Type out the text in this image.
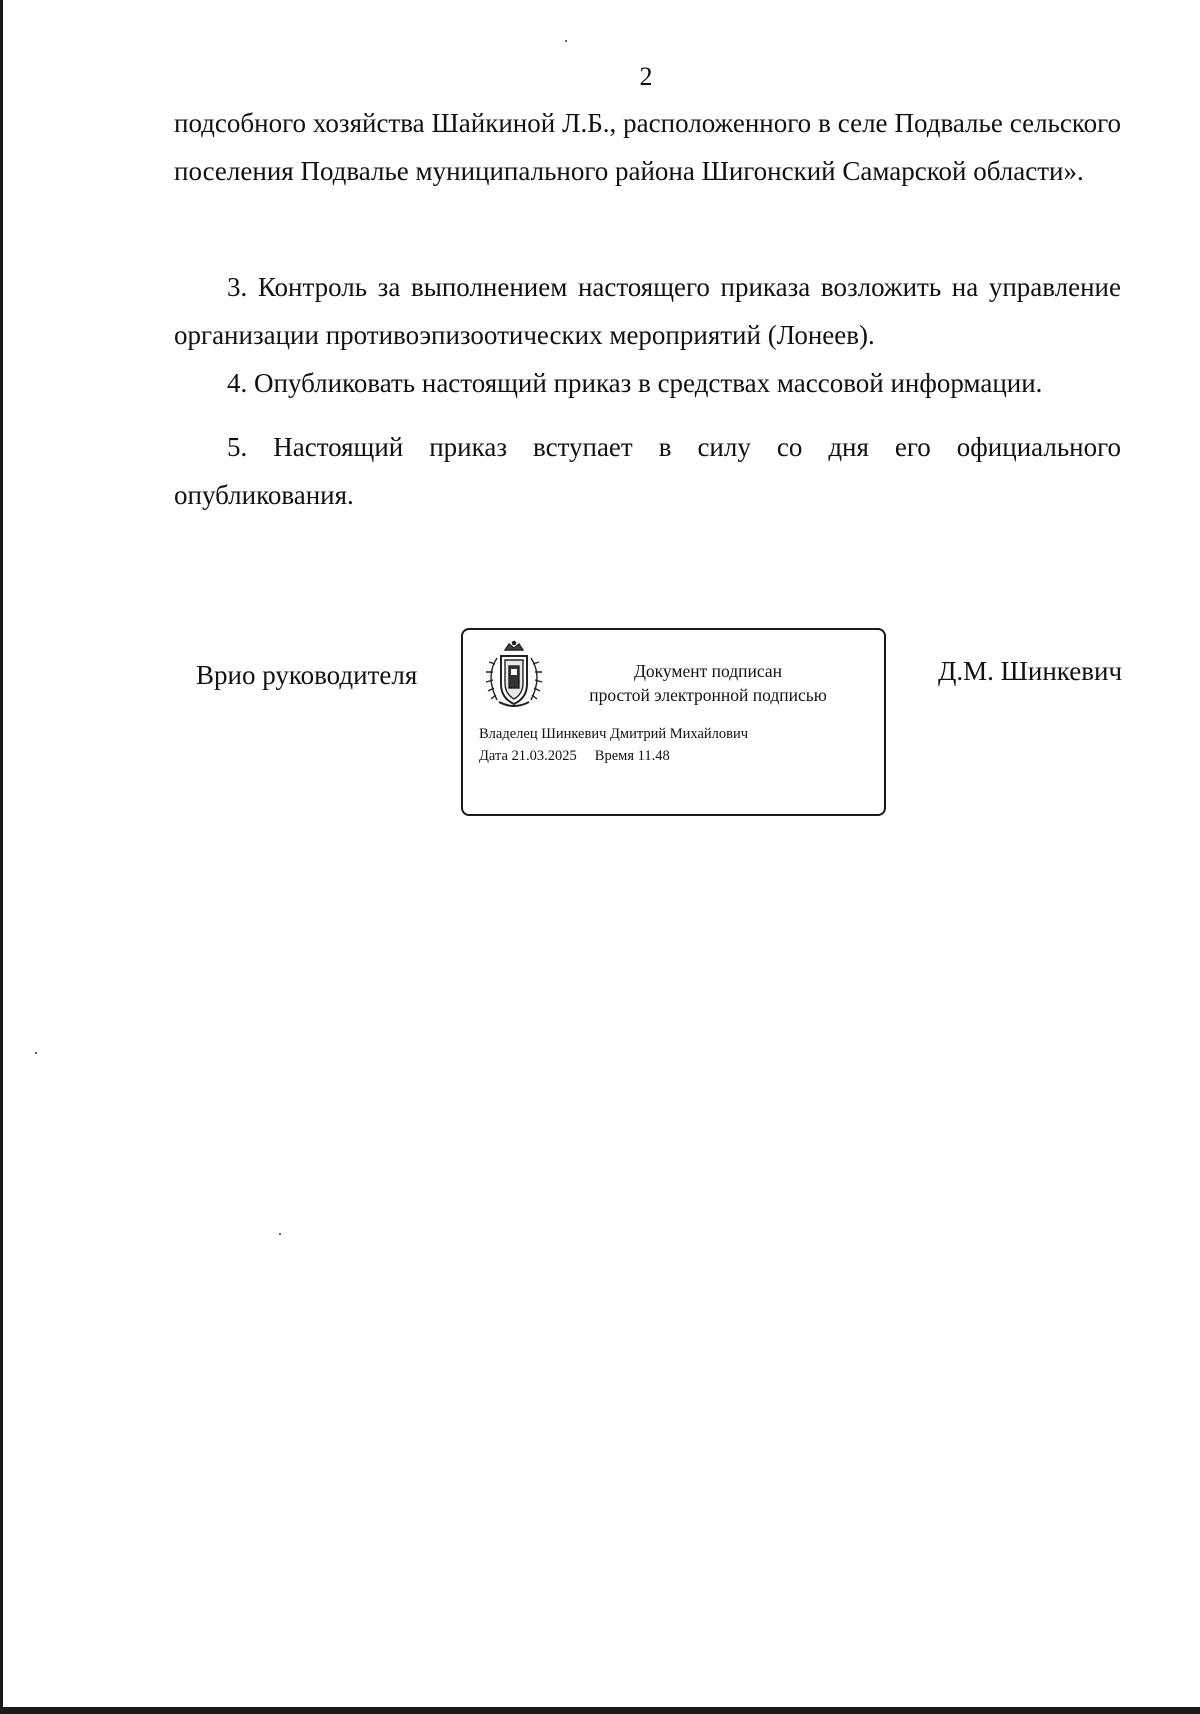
2

подсобного хозяйства Шайкиной Л.Б., расположенного в селе Подвалье сельского поселения Подвалье муниципального района Шигонский Самарской области».

3. Контроль за выполнением настоящего приказа возложить на управление организации противоэпизоотических мероприятий (Лонеев).

4. Опубликовать настоящий приказ в средствах массовой информации.

5. Настоящий приказ вступает в силу со дня его официального опубликования.

Врио руководителя	Документ подписан
простой электронной подписью
Владелец Шинкевич Дмитрий Михайлович
Дата 21.03.2025 Время 11.48
Д.М. Шинкевич
